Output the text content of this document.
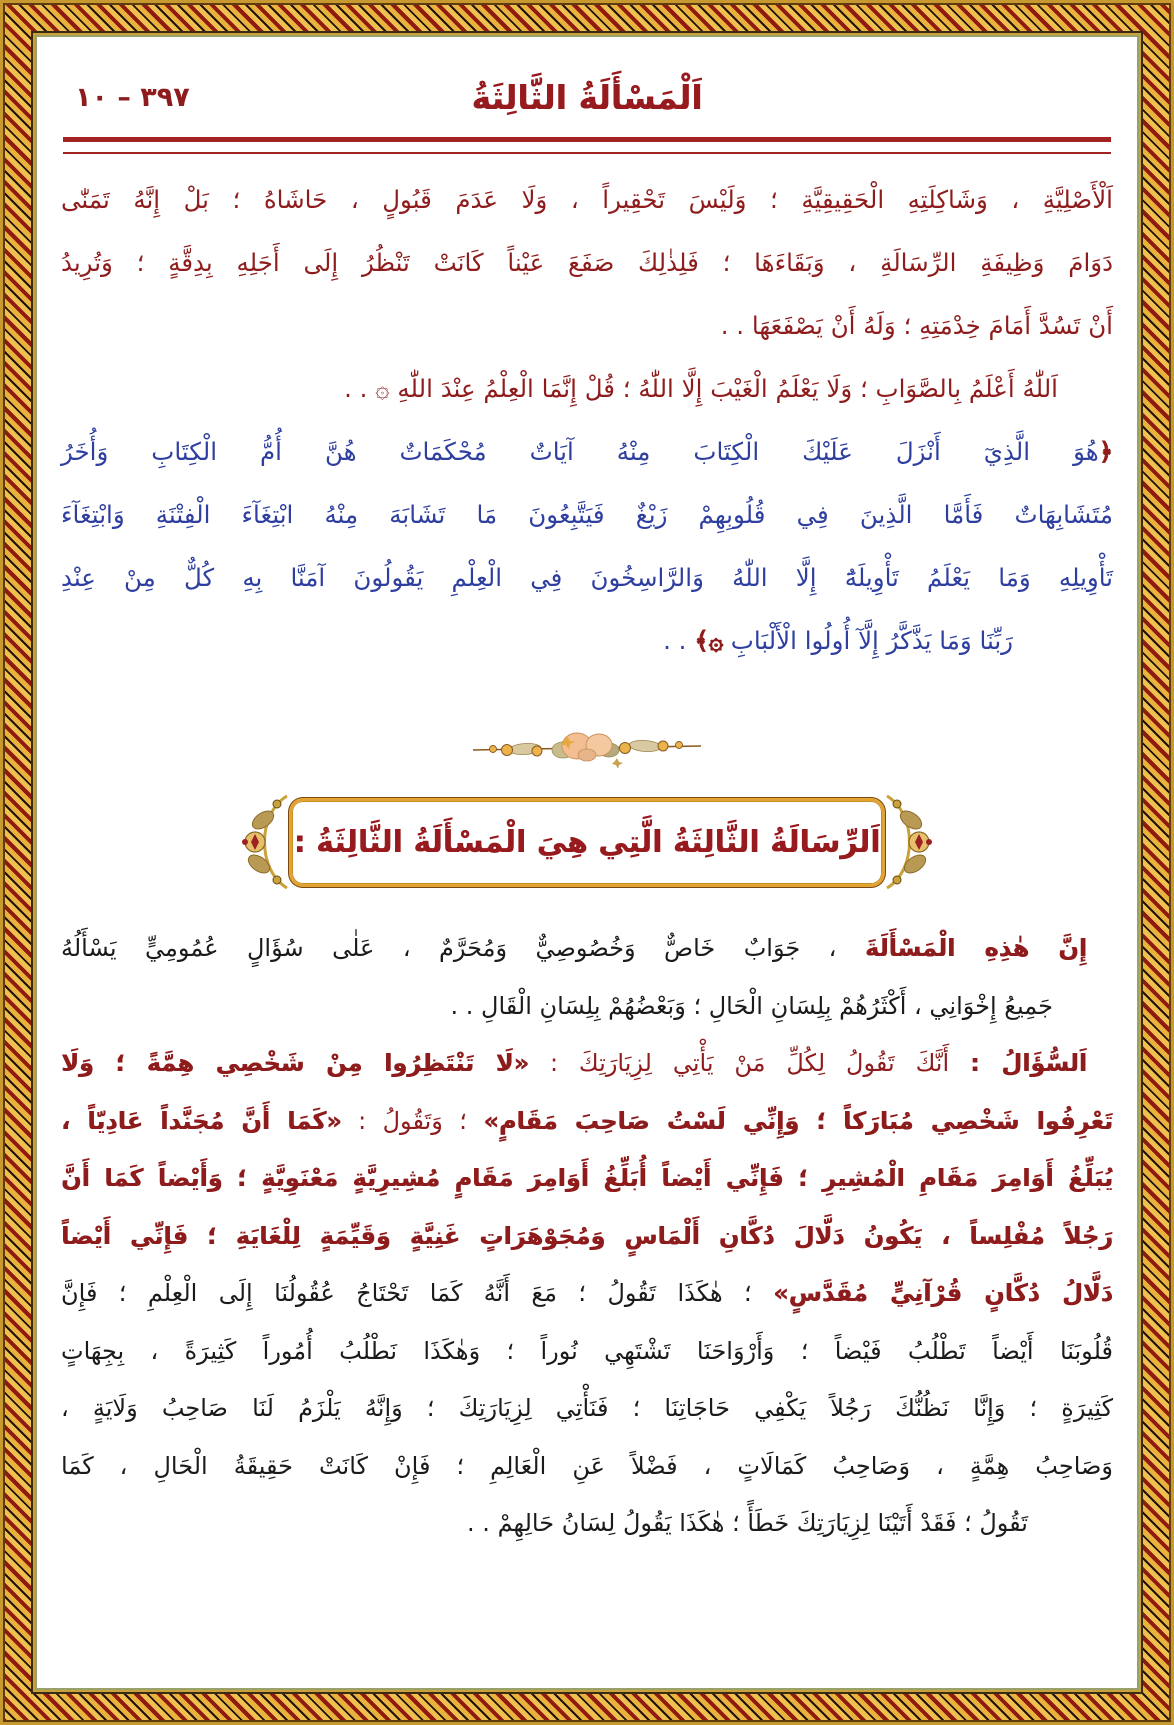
٣٩٧ – ١٠	اَلْمَسْأَلَةُ الثَّالِثَةُ
اَلْأَصْلِيَّةِ ، وَشَاكِلَتِهِ الْحَقِيقِيَّةِ ؛ وَلَيْسَ تَحْقِيراً ، وَلَا عَدَمَ قَبُولٍ ، حَاشَاهُ ؛ بَلْ إِنَّهُ تَمَنّٰى
دَوَامَ وَظِيفَةِ الرِّسَالَةِ ، وَبَقَاءَهَا ؛ فَلِذٰلِكَ صَفَعَ عَيْناً كَانَتْ تَنْظُرُ إِلَى أَجَلِهِ بِدِقَّةٍ ؛ وَتُرِيدُ
أَنْ تَسُدَّ أَمَامَ خِدْمَتِهِ ؛ وَلَهُ أَنْ يَصْفَعَهَا . .
اَللّٰهُ أَعْلَمُ بِالصَّوَابِ ؛ وَلَا يَعْلَمُ الْغَيْبَ إِلَّا اللّٰهُ ؛ قُلْ إِنَّمَا الْعِلْمُ عِنْدَ اللّٰهِ ۞ . .
﴿هُوَ الَّذِيٓ أَنْزَلَ عَلَيْكَ الْكِتَابَ مِنْهُ آيَاتٌ مُحْكَمَاتٌ هُنَّ أُمُّ الْكِتَابِ وَأُخَرُ
مُتَشَابِهَاتٌ فَأَمَّا الَّذِينَ فِي قُلُوبِهِمْ زَيْغٌ فَيَتَّبِعُونَ مَا تَشَابَهَ مِنْهُ ابْتِغَآءَ الْفِتْنَةِ وَابْتِغَآءَ
تَأْوِيلِهِ وَمَا يَعْلَمُ تَأْوِيلَهُٓ إِلَّا اللّٰهُ وَالرَّاسِخُونَ فِي الْعِلْمِ يَقُولُونَ آمَنَّا بِهِ كُلٌّ مِنْ عِنْدِ
رَبِّنَا وَمَا يَذَّكَّرُ إِلَّآ أُولُوا الْأَلْبَابِ ۞﴾ . .
اَلرِّسَالَةُ الثَّالِثَةُ الَّتِي هِيَ الْمَسْأَلَةُ الثَّالِثَةُ :
إِنَّ هٰذِهِ الْمَسْأَلَةَ ، جَوَابٌ خَاصٌّ وَخُصُوصِيٌّ وَمُحَرَّمٌ ، عَلٰى سُؤَالٍ عُمُومِيٍّ يَسْأَلُهُ
جَمِيعُ إِخْوَانِي ، أَكْثَرُهُمْ بِلِسَانِ الْحَالِ ؛ وَبَعْضُهُمْ بِلِسَانِ الْقَالِ . .
اَلسُّؤَالُ : أَنَّكَ تَقُولُ لِكُلِّ مَنْ يَأْتِي لِزِيَارَتِكَ : «لَا تَنْتَظِرُوا مِنْ شَخْصِي هِمَّةً ؛ وَلَا
تَعْرِفُوا شَخْصِي مُبَارَكاً ؛ وَإِنِّي لَسْتُ صَاحِبَ مَقَامٍ» ؛ وَتَقُولُ : «كَمَا أَنَّ مُجَنَّداً عَادِيّاً ،
يُبَلِّغُ أَوَامِرَ مَقَامِ الْمُشِيرِ ؛ فَإِنِّي أَيْضاً أُبَلِّغُ أَوَامِرَ مَقَامٍ مُشِيرِيَّةٍ مَعْنَوِيَّةٍ ؛ وَأَيْضاً كَمَا أَنَّ
رَجُلاً مُفْلِساً ، يَكُونُ دَلَّالَ دُكَّانِ أَلْمَاسٍ وَمُجَوْهَرَاتٍ غَنِيَّةٍ وَقَيِّمَةٍ لِلْغَايَةِ ؛ فَإِنِّي أَيْضاً
دَلَّالُ دُكَّانٍ قُرْآنِيٍّ مُقَدَّسٍ» ؛ هٰكَذَا تَقُولُ ؛ مَعَ أَنَّهُ كَمَا تَحْتَاجُ عُقُولُنَا إِلَى الْعِلْمِ ؛ فَإِنَّ
قُلُوبَنَا أَيْضاً تَطْلُبُ فَيْضاً ؛ وَأَرْوَاحَنَا تَشْتَهِي نُوراً ؛ وَهٰكَذَا نَطْلُبُ أُمُوراً كَثِيرَةً ، بِجِهَاتٍ
كَثِيرَةٍ ؛ وَإِنَّا نَظُنُّكَ رَجُلاً يَكْفِي حَاجَاتِنَا ؛ فَنَأْتِي لِزِيَارَتِكَ ؛ وَإِنَّهُ يَلْزَمُ لَنَا صَاحِبُ وَلَايَةٍ ،
وَصَاحِبُ هِمَّةٍ ، وَصَاحِبُ كَمَالَاتٍ ، فَضْلاً عَنِ الْعَالِمِ ؛ فَإِنْ كَانَتْ حَقِيقَةُ الْحَالِ ، كَمَا
تَقُولُ ؛ فَقَدْ أَتَيْنَا لِزِيَارَتِكَ خَطَأً ؛ هٰكَذَا يَقُولُ لِسَانُ حَالِهِمْ . .
